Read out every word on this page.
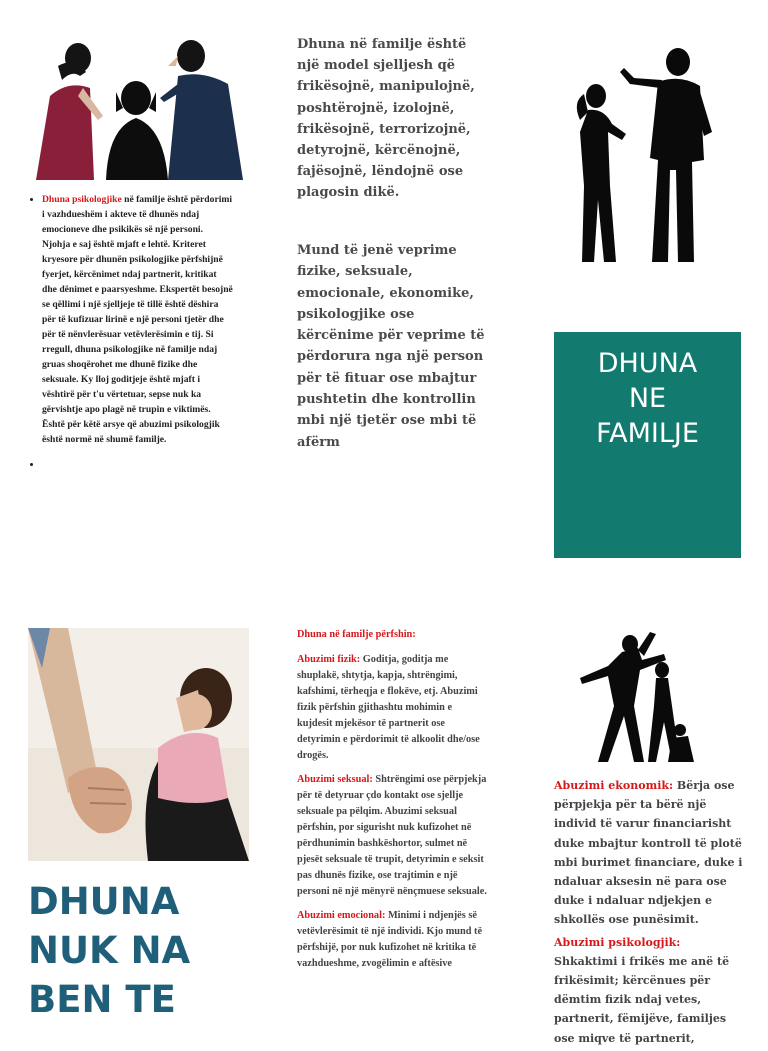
• Dhuna psikologjike në familje është përdorimi i vazhdueshëm i akteve të dhunës ndaj emocioneve dhe psikikës së një personi. Njohja e saj është mjaft e lehtë. Kriteret kryesore për dhunën psikologjike përfshijnë fyerjet, kërcënimet ndaj partnerit, kritikat dhe dënimet e paarsyeshme. Ekspertët besojnë se qëllimi i një sjelljeje të tillë është dëshira për të kufizuar lirinë e një personi tjetër dhe për të nënvlerësuar vetëvlerësimin e tij. Si rregull, dhuna psikologjike në familje ndaj gruas shoqërohet me dhunë fizike dhe seksuale. Ky lloj goditjeje është mjaft i vështirë për t'u vërtetuar, sepse nuk ka gërvishtje apo plagë në trupin e viktimës. Është për këtë arsye që abuzimi psikologjik është normë në shumë familje.
•
Dhuna në familje është një model sjelljesh që frikësojnë, manipulojnë, poshtërojnë, izolojnë, frikësojnë, terrorizojnë, detyrojnë, kërcënojnë, fajësojnë, lëndojnë ose plagosin dikë.
Mund të jenë veprime fizike, seksuale, emocionale, ekonomike, psikologjike ose kërcënime për veprime të përdorura nga një person për të fituar ose mbajtur pushtetin dhe kontrollin mbi një tjetër ose mbi të afërm
DHUNA
NE
FAMILJE
DHUNA
NUK NA
BEN TE

Dhuna në familje përfshin:

Abuzimi fizik: Goditja, goditja me shuplakë, shtytja, kapja, shtrëngimi, kafshimi, tërheqja e flokëve, etj. Abuzimi fizik përfshin gjithashtu mohimin e kujdesit mjekësor të partnerit ose detyrimin e përdorimit të alkoolit dhe/ose drogës.

Abuzimi seksual: Shtrëngimi ose përpjekja për të detyruar çdo kontakt ose sjellje seksuale pa pëlqim. Abuzimi seksual përfshin, por sigurisht nuk kufizohet në përdhunimin bashkëshortor, sulmet në pjesët seksuale të trupit, detyrimin e seksit pas dhunës fizike, ose trajtimin e një personi në një mënyrë nënçmuese seksuale.

Abuzimi emocional: Minimi i ndjenjës së vetëvlerësimit të një individi. Kjo mund të përfshijë, por nuk kufizohet në kritika të vazhdueshme, zvogëlimin e aftësive

Abuzimi ekonomik: Bërja ose përpjekja për ta bërë një individ të varur financiarisht duke mbajtur kontroll të plotë mbi burimet financiare, duke i ndaluar aksesin në para ose duke i ndaluar ndjekjen e shkollës ose punësimit.

Abuzimi psikologjik: Shkaktimi i frikës me anë të frikësimit; kërcënues për dëmtim fizik ndaj vetes, partnerit, fëmijëve, familjes ose miqve të partnerit,
